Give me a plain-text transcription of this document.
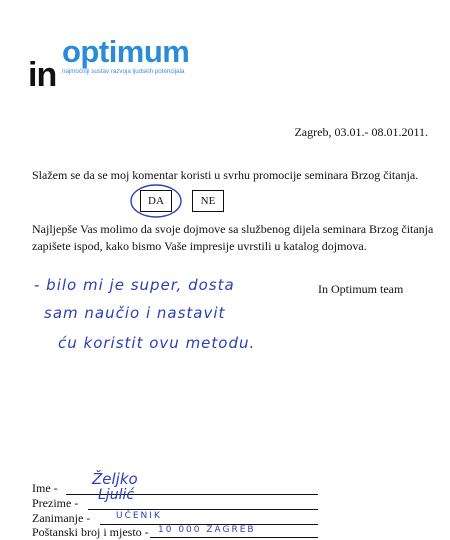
optimum
in najmočniji sustav razvoja ljudskih potencijala
Zagreb, 03.01.- 08.01.2011.
Slažem se da se moj komentar koristi u svrhu promocije seminara Brzog čitanja.
DA	NE
Najljepše Vas molimo da svoje dojmove sa službenog dijela seminara Brzog čitanja zapišete ispod, kako bismo Vaše impresije uvrstili u katalog dojmova.
- bilo mi je super, dosta
sam naučio i nastavit
ću koristit ovu metodu.
In Optimum team
Ime - Željko
Prezime - Ljulić
Zanimanje -	UČENIK
Poštanski broj i mjesto - 10 000 ZAGREB
